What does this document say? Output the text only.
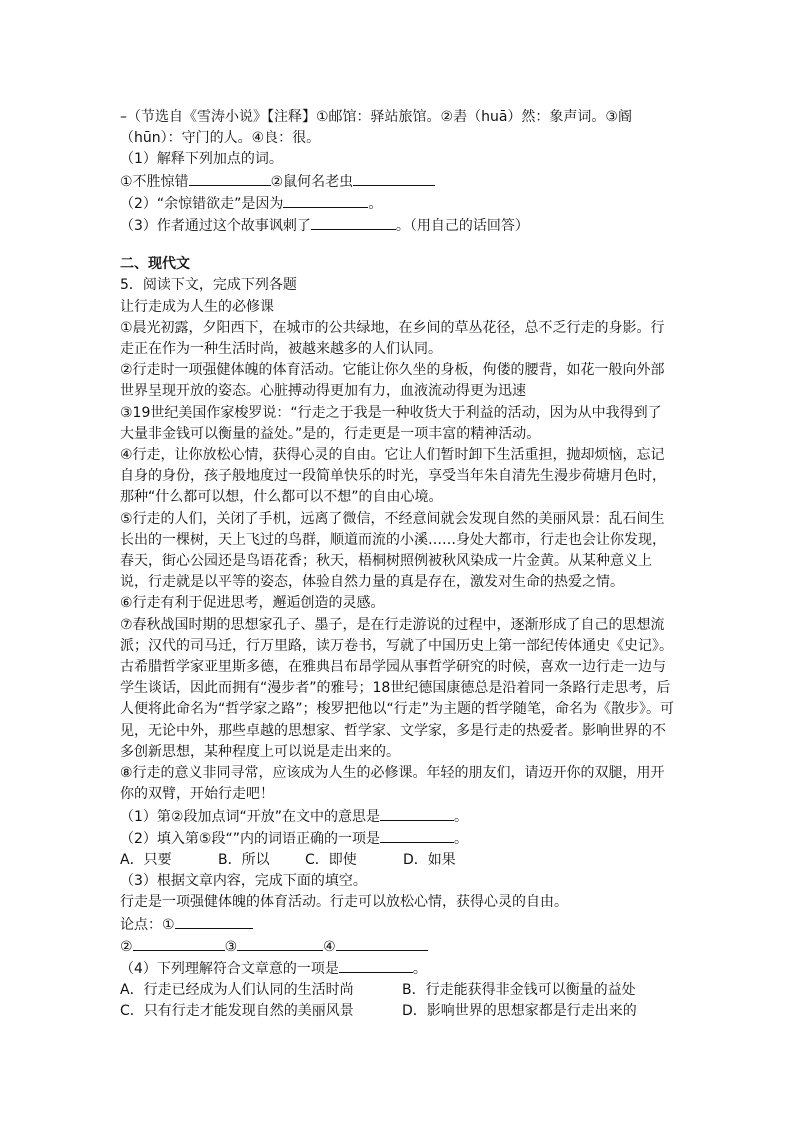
–（节选自《雪涛小说》【注释】①邮馆：驿站旅馆。②砉（huā）然：象声词。③阍
（hūn）：守门的人。④良：很。
（1）解释下列加点的词。
①不胜惊错	②鼠何名老虫
（2）“余惊错欲走”是因为	。
（3）作者通过这个故事讽刺了	。（用自己的话回答）
二、现代文
5．阅读下文，完成下列各题
让行走成为人生的必修课
①晨光初露，夕阳西下，在城市的公共绿地，在乡间的草丛花径，总不乏行走的身影。行走正在作为一种生活时尚，被越来越多的人们认同。
②行走时一项强健体魄的体育活动。它能让你久坐的身板，佝偻的腰背，如花一般向外部世界呈现开放的姿态。心脏搏动得更加有力，血液流动得更为迅速
③19世纪美国作家梭罗说：“行走之于我是一种收货大于利益的活动，因为从中我得到了大量非金钱可以衡量的益处。”是的，行走更是一项丰富的精神活动。
④行走，让你放松心情，获得心灵的自由。它让人们暂时卸下生活重担，抛却烦恼，忘记自身的身份，孩子般地度过一段简单快乐的时光，享受当年朱自清先生漫步荷塘月色时，那种“什么都可以想，什么都可以不想”的自由心境。
⑤行走的人们，关闭了手机，远离了微信，不经意间就会发现自然的美丽风景：乱石间生长出的一棵树，天上飞过的鸟群，顺道而流的小溪……身处大都市，行走也会让你发现，春天，街心公园还是鸟语花香；秋天，梧桐树照例被秋风染成一片金黄。从某种意义上说，行走就是以平等的姿态，体验自然力量的真是存在，激发对生命的热爱之情。
⑥行走有利于促进思考，邂逅创造的灵感。
⑦春秋战国时期的思想家孔子、墨子，是在行走游说的过程中，逐渐形成了自己的思想流派；汉代的司马迁，行万里路，读万卷书，写就了中国历史上第一部纪传体通史《史记》。古希腊哲学家亚里斯多德，在雅典吕布昂学园从事哲学研究的时候，喜欢一边行走一边与学生谈话，因此而拥有“漫步者”的雅号；18世纪德国康德总是沿着同一条路行走思考，后人便将此命名为“哲学家之路”；梭罗把他以“行走”为主题的哲学随笔，命名为《散步》。可见，无论中外，那些卓越的思想家、哲学家、文学家，多是行走的热爱者。影响世界的不多创新思想，某种程度上可以说是走出来的。
⑧行走的意义非同寻常，应该成为人生的必修课。年轻的朋友们，请迈开你的双腿，用开你的双臂，开始行走吧！
（1）第②段加点词“开放”在文中的意思是	。
（2）填入第⑤段“”内的词语正确的一项是	。
A．只要	B．所以	C．即使	D．如果
（3）根据文章内容，完成下面的填空。
行走是一项强健体魄的体育活动。行走可以放松心情，获得心灵的自由。
论点：①
②	③	④
（4）下列理解符合文章意的一项是	。
A．行走已经成为人们认同的生活时尚	B．行走能获得非金钱可以衡量的益处
C．只有行走才能发现自然的美丽风景	D．影响世界的思想家都是行走出来的
